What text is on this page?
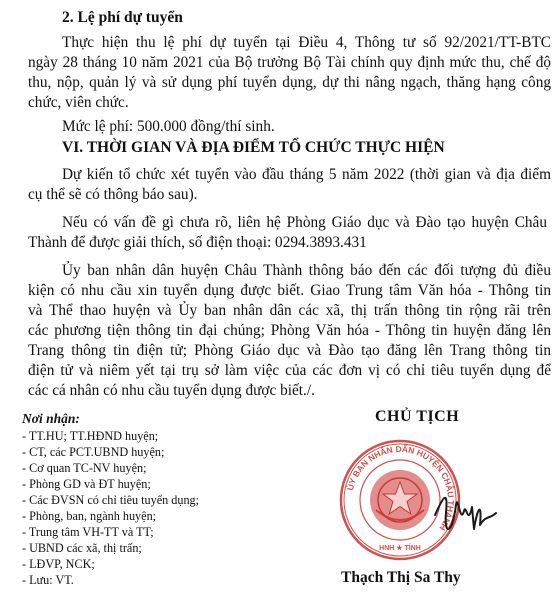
2. Lệ phí dự tuyển
Thực hiện thu lệ phí dự tuyển tại Điều 4, Thông tư số 92/2021/TT-BTC
ngày 28 tháng 10 năm 2021 của Bộ trưởng Bộ Tài chính quy định mức thu, chế độ
thu, nộp, quản lý và sử dụng phí tuyển dụng, dự thi nâng ngạch, thăng hạng công
chức, viên chức.
Mức lệ phí: 500.000 đồng/thí sinh.
VI. THỜI GIAN VÀ ĐỊA ĐIỂM TỔ CHỨC THỰC HIỆN
Dự kiến tổ chức xét tuyển vào đầu tháng 5 năm 2022 (thời gian và địa điểm
cụ thể sẽ có thông báo sau).
Nếu có vấn đề gì chưa rõ, liên hệ Phòng Giáo dục và Đào tạo huyện Châu
Thành để được giải thích, số điện thoại: 0294.3893.431
Ủy ban nhân dân huyện Châu Thành thông báo đến các đối tượng đủ điều
kiện có nhu cầu xin tuyển dụng được biết. Giao Trung tâm Văn hóa - Thông tin
và Thể thao huyện và Ủy ban nhân dân các xã, thị trấn thông tin rộng rãi trên
các phương tiện thông tin đại chúng; Phòng Văn hóa - Thông tin huyện đăng lên
Trang thông tin điện tử; Phòng Giáo dục và Đào tạo đăng lên Trang thông tin
điện tử và niêm yết tại trụ sở làm việc của các đơn vị có chỉ tiêu tuyển dụng để
các cá nhân có nhu cầu tuyển dụng được biết./.
Nơi nhận:
- TT.HU; TT.HĐND huyện;
- CT, các PCT.UBND huyện;
- Cơ quan TC-NV huyện;
- Phòng GD và ĐT huyện;
- Các ĐVSN có chỉ tiêu tuyển dụng;
- Phòng, ban, ngành huyện;
- Trung tâm VH-TT và TT;
- UBND các xã, thị trấn;
- LĐVP, NCK;
- Lưu: VT.
CHỦ TỊCH
ỦY BAN NHÂN DÂN HUYỆN CHÂU THÀNH
HNH ★ TỈNH
Thạch Thị Sa Thy
